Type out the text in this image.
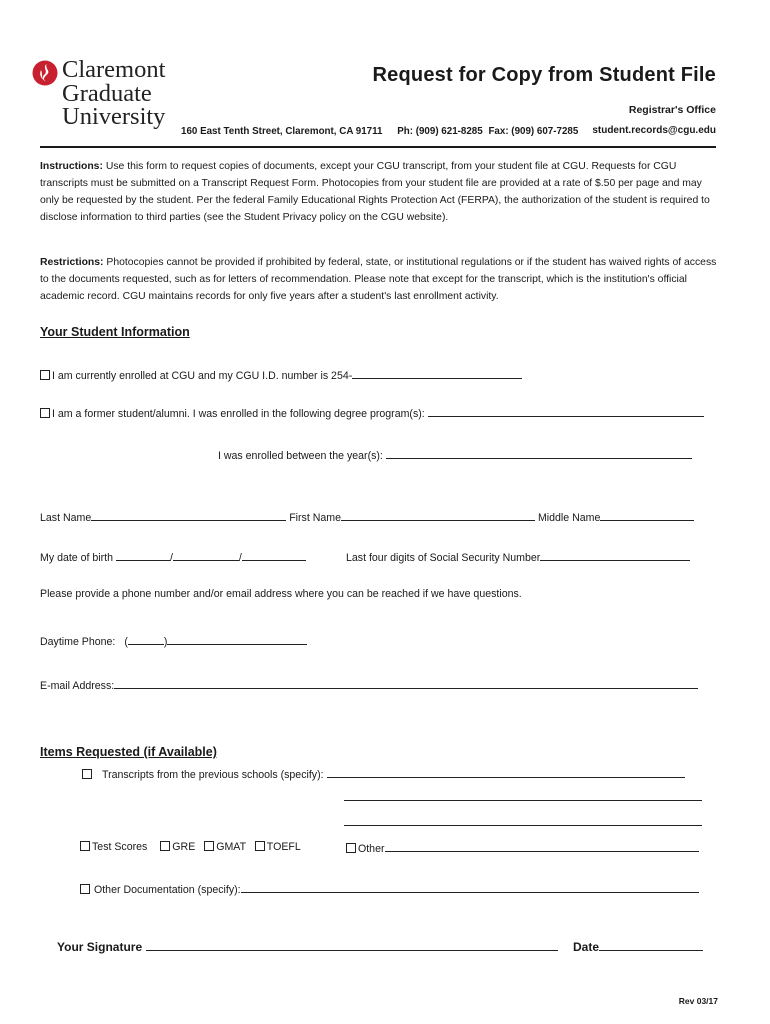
Claremont
Graduate
University
Request for Copy from Student File
Registrar's Office
160 East Tenth Street, Claremont, CA 91711 Ph: (909) 621-8285 Fax: (909) 607-7285 student.records@cgu.edu
Instructions: Use this form to request copies of documents, except your CGU transcript, from your student file at CGU. Requests for CGU transcripts must be submitted on a Transcript Request Form. Photocopies from your student file are provided at a rate of $.50 per page and may only be requested by the student. Per the federal Family Educational Rights Protection Act (FERPA), the authorization of the student is required to disclose information to third parties (see the Student Privacy policy on the CGU website).
Restrictions: Photocopies cannot be provided if prohibited by federal, state, or institutional regulations or if the student has waived rights of access to the documents requested, such as for letters of recommendation. Please note that except for the transcript, which is the institution's official academic record. CGU maintains records for only five years after a student's last enrollment activity.
Your Student Information
I am currently enrolled at CGU and my CGU I.D. number is 254-
I am a former student/alumni. I was enrolled in the following degree program(s):
I was enrolled between the year(s):
Last Name	First Name	Middle Name
My date of birth	/	/	Last four digits of Social Security Number
Please provide a phone number and/or email address where you can be reached if we have questions.
Daytime Phone: (	)
E-mail Address:
Items Requested (if Available)
Transcripts from the previous schools (specify):
Test Scores GRE GMAT TOEFL	Other
Other Documentation (specify):
Your Signature	Date
Rev 03/17
